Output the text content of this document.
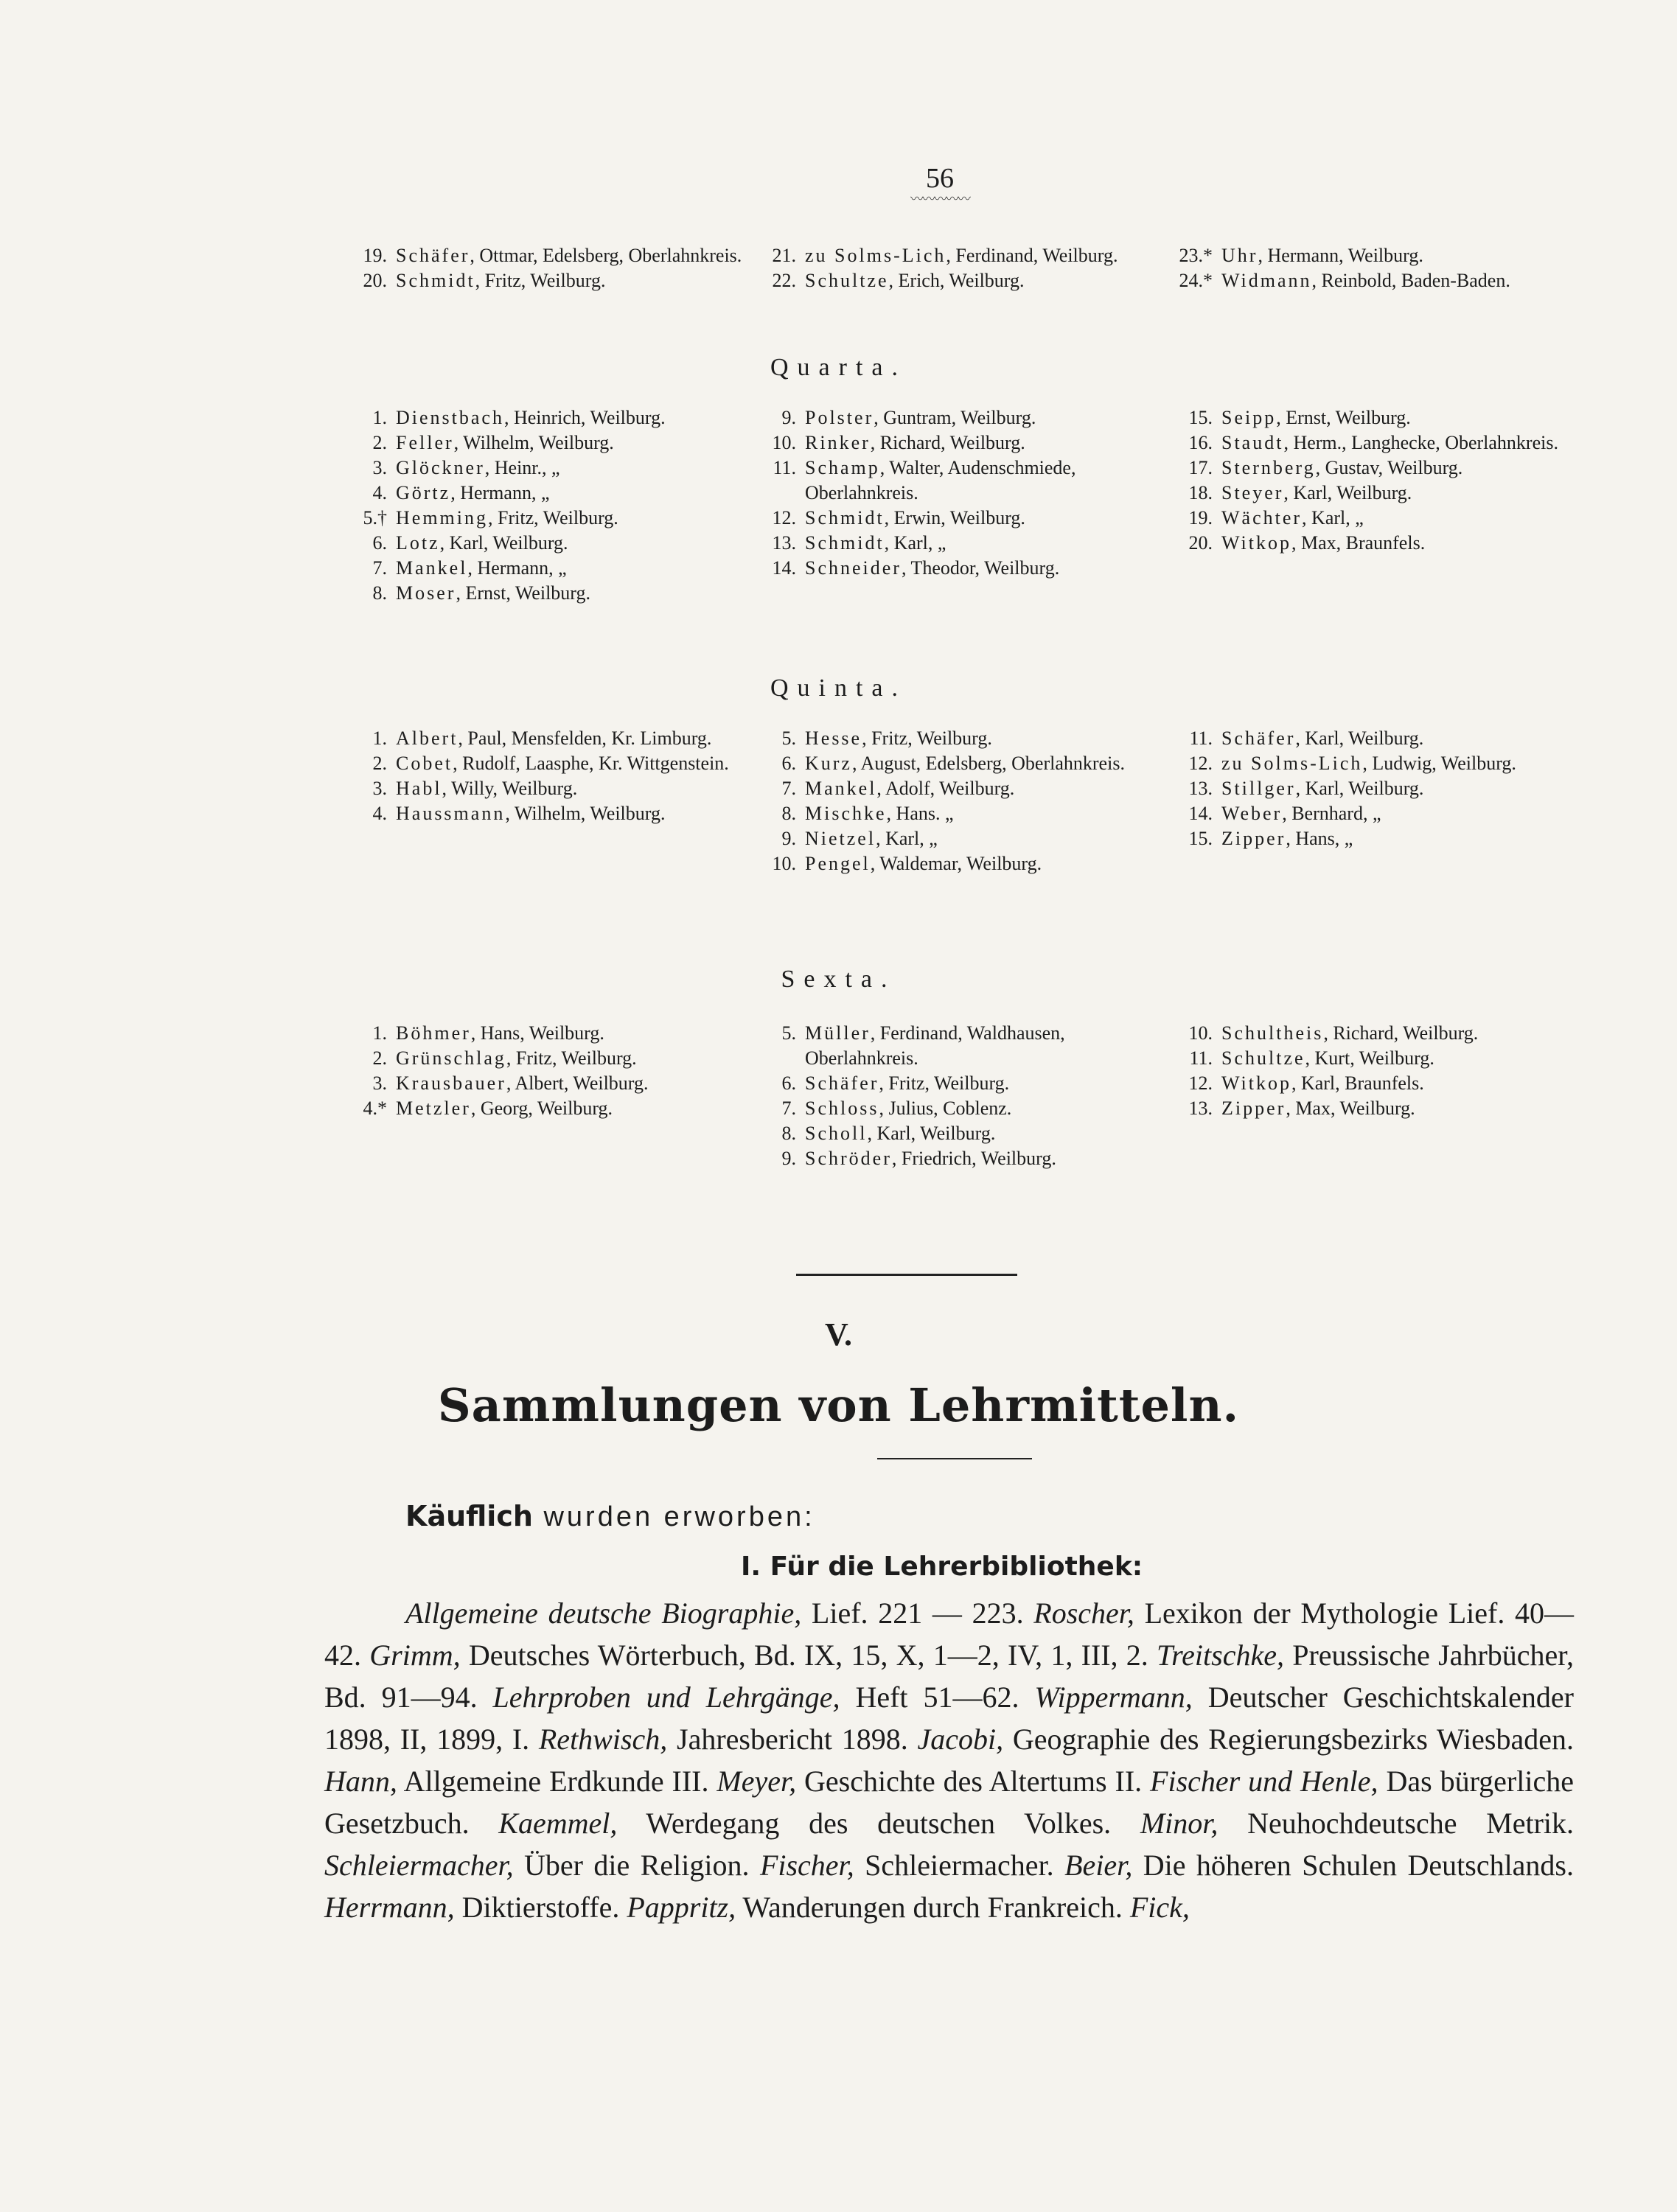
56
〰〰〰〰〰
19. Schäfer, Ottmar, Edelsberg, Oberlahnkreis.
20. Schmidt, Fritz, Weilburg.
21. zu Solms-Lich, Ferdinand, Weilburg.
22. Schultze, Erich, Weilburg.
23.* Uhr, Hermann, Weilburg.
24.* Widmann, Reinbold, Baden-Baden.
Quarta.
1. Dienstbach, Heinrich, Weilburg.
2. Feller, Wilhelm, Weilburg.
3. Glöckner, Heinr., „
4. Görtz, Hermann, „
5.† Hemming, Fritz, Weilburg.
6. Lotz, Karl, Weilburg.
7. Mankel, Hermann, „
8. Moser, Ernst, Weilburg.
9. Polster, Guntram, Weilburg.
10. Rinker, Richard, Weilburg.
11. Schamp, Walter, Audenschmiede, Oberlahnkreis.
12. Schmidt, Erwin, Weilburg.
13. Schmidt, Karl, „
14. Schneider, Theodor, Weilburg.
15. Seipp, Ernst, Weilburg.
16. Staudt, Herm., Langhecke, Oberlahnkreis.
17. Sternberg, Gustav, Weilburg.
18. Steyer, Karl, Weilburg.
19. Wächter, Karl, „
20. Witkop, Max, Braunfels.
Quinta.
1. Albert, Paul, Mensfelden, Kr. Limburg.
2. Cobet, Rudolf, Laasphe, Kr. Wittgenstein.
3. Habl, Willy, Weilburg.
4. Haussmann, Wilhelm, Weilburg.
5. Hesse, Fritz, Weilburg.
6. Kurz, August, Edelsberg, Oberlahnkreis.
7. Mankel, Adolf, Weilburg.
8. Mischke, Hans. „
9. Nietzel, Karl, „
10. Pengel, Waldemar, Weilburg.
11. Schäfer, Karl, Weilburg.
12. zu Solms-Lich, Ludwig, Weilburg.
13. Stillger, Karl, Weilburg.
14. Weber, Bernhard, „
15. Zipper, Hans, „
Sexta.
1. Böhmer, Hans, Weilburg.
2. Grünschlag, Fritz, Weilburg.
3. Krausbauer, Albert, Weilburg.
4.* Metzler, Georg, Weilburg.
5. Müller, Ferdinand, Waldhausen, Oberlahnkreis.
6. Schäfer, Fritz, Weilburg.
7. Schloss, Julius, Coblenz.
8. Scholl, Karl, Weilburg.
9. Schröder, Friedrich, Weilburg.
10. Schultheis, Richard, Weilburg.
11. Schultze, Kurt, Weilburg.
12. Witkop, Karl, Braunfels.
13. Zipper, Max, Weilburg.
V.
Sammlungen von Lehrmitteln.
Käuflich wurden erworben:
I. Für die Lehrerbibliothek:
Allgemeine deutsche Biographie, Lief. 221 — 223. Roscher, Lexikon der Mythologie Lief. 40—42. Grimm, Deutsches Wörterbuch, Bd. IX, 15, X, 1—2, IV, 1, III, 2. Treitschke, Preussische Jahrbücher, Bd. 91—94. Lehrproben und Lehrgänge, Heft 51—62. Wippermann, Deutscher Geschichtskalender 1898, II, 1899, I. Rethwisch, Jahresbericht 1898. Jacobi, Geographie des Regierungsbezirks Wiesbaden. Hann, Allgemeine Erdkunde III. Meyer, Geschichte des Altertums II. Fischer und Henle, Das bürgerliche Gesetzbuch. Kaemmel, Werdegang des deutschen Volkes. Minor, Neuhochdeutsche Metrik. Schleiermacher, Über die Religion. Fischer, Schleiermacher. Beier, Die höheren Schulen Deutschlands. Herrmann, Diktierstoffe. Pappritz, Wanderungen durch Frankreich. Fick,
